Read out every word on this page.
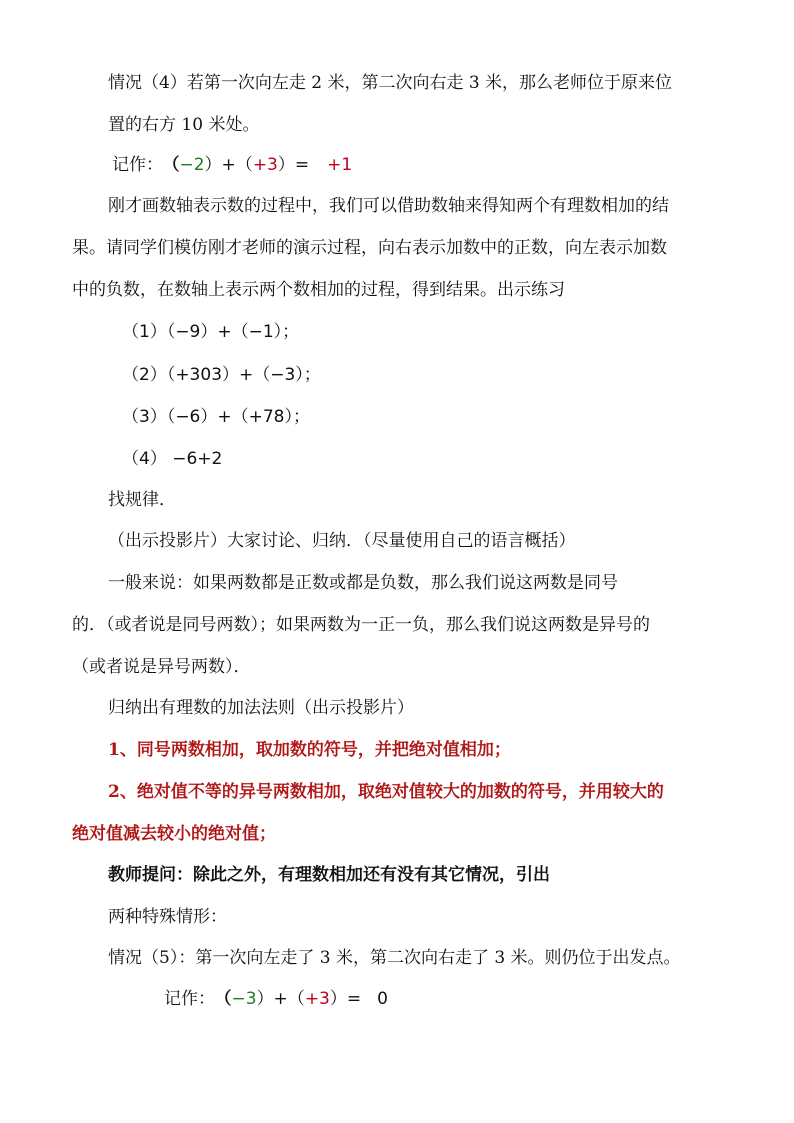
情况（4）若第一次向左走 2 米，第二次向右走 3 米，那么老师位于原来位
置的右方 10 米处。
记作： （−2）+（+3）= +1
刚才画数轴表示数的过程中，我们可以借助数轴来得知两个有理数相加的结
果。请同学们模仿刚才老师的演示过程，向右表示加数中的正数，向左表示加数
中的负数，在数轴上表示两个数相加的过程，得到结果。出示练习
（1）（−9）+（−1）；
（2）（+303）+（−3）；
（3）（−6）+（+78）；
（4） −6+2
找规律．
（出示投影片）大家讨论、归纳．（尽量使用自己的语言概括）
一般来说：如果两数都是正数或都是负数，那么我们说这两数是同号
的．（或者说是同号两数）；如果两数为一正一负，那么我们说这两数是异号的
（或者说是异号两数）．
归纳出有理数的加法法则（出示投影片）
1、同号两数相加，取加数的符号，并把绝对值相加；
2、绝对值不等的异号两数相加，取绝对值较大的加数的符号，并用较大的
绝对值减去较小的绝对值；
教师提问：除此之外，有理数相加还有没有其它情况，引出
两种特殊情形：
情况（5）：第一次向左走了 3 米，第二次向右走了 3 米。则仍位于出发点。
记作： （−3）+（+3）= 0
